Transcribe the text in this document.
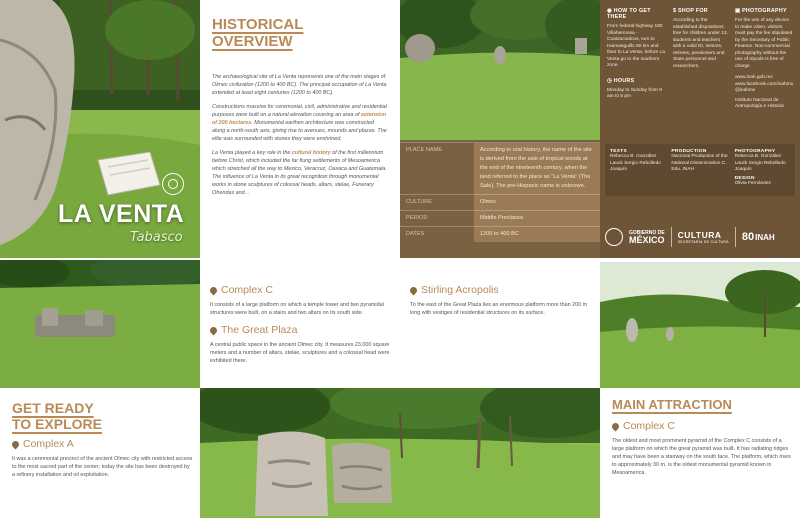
LA VENTA
Tabasco
HISTORICAL
OVERVIEW

The archaeological site of La Venta represents one of the main stages of Olmec civilization (1200 to 400 BC). The principal occupation of La Venta extended at least eight centuries (1200 to 400 BC).

Constructions massive for ceremonial, civil, administrative and residential purposes were built on a natural elevation covering an area of extension of 200 hectares. Monumental earthen architecture was constructed along a north-south axis, giving rise to avenues, mounds and plazas. The elite was surrounded with stones they were enshrined.

La Venta played a key role in the cultural history of the first millennium before Christ, which included the far flung settlements of Mesoamerica which stretched all the way to Mexico, Veracruz, Oaxaca and Guatemala. The influence of La Venta in its great recognition through monumental works in stone sculptures of colossal heads, altars, stelae, Funerary Ofrendas and...

PLACE NAME	According to oral history, the name of the site is derived from the sale of tropical woods at the end of the nineteenth century, when the land referred to the place as "La Venta" (The Sale). The pre-Hispanic name is unknown.
CULTURE	Olmec
PERIOD	Middle Preclassic
DATES	1200 to 400 BC
◉ HOW TO GET THERE
From federal highway 180 Villahermosa - Coatzacoalcos, turn to Huimanguillo 80 km and then to La Venta, before La Venta go to the southern zone.
◷ HOURS
Monday to Sunday from 8 am to 5 pm
$ SHOP FOR
According to the established dispositions free for children under 13, students and teachers with a valid ID, seniors, retirees, pensioners and State personnel and researchers.
▣ PHOTOGRAPHY
For the use of any device to make video, visitors must pay the fee stipulated by the Secretary of Public Finance. Non-commercial photography without the use of tripods is free of charge.
www.inah.gob.mx www.facebook.com/inahmx @inahmx
Instituto Nacional de Antropología e Historia
TEXTS
Rebecca B. González Lauck Sergio Rebolledo Joaquín
PRODUCTION
Nacional Production of the National Dissemination C. Edu. INAH
PHOTOGRAPHY
Rebecca B. González Lauck Sergio Rebolledo Joaquín
DESIGN
Olivia Fernández
GOBIERNO DE
MÉXICO CULTURA
SECRETARÍA DE CULTURA 80 INAH
Complex C

It consists of a large platform on which a temple tower and two pyramidal structures were built, on a stairs and two altars on its south side.

The Great Plaza

A central public space in the ancient Olmec city. It measures 23,000 square meters and a number of altars, stelae, sculptures and a colossal head were exhibited there.

Stirling Acropolis

To the east of the Great Plaza lies an enormous platform more than 200 m long with vestiges of residential structures on its surface.

GET READY
TO EXPLORE
Complex A

It was a ceremonial precinct of the ancient Olmec city with restricted access to the most sacred part of the center; today the site has been destroyed by a refinery installation and oil exploitation.

MAIN ATTRACTION
Complex C

The oldest and most prominent pyramid of the Complex C consists of a large platform on which the great pyramid was built. It has radiating ridges and may have been a stairway on the south face. The platform, which rises to approximately 30 m, is the oldest monumental pyramid known in Mesoamerica.
